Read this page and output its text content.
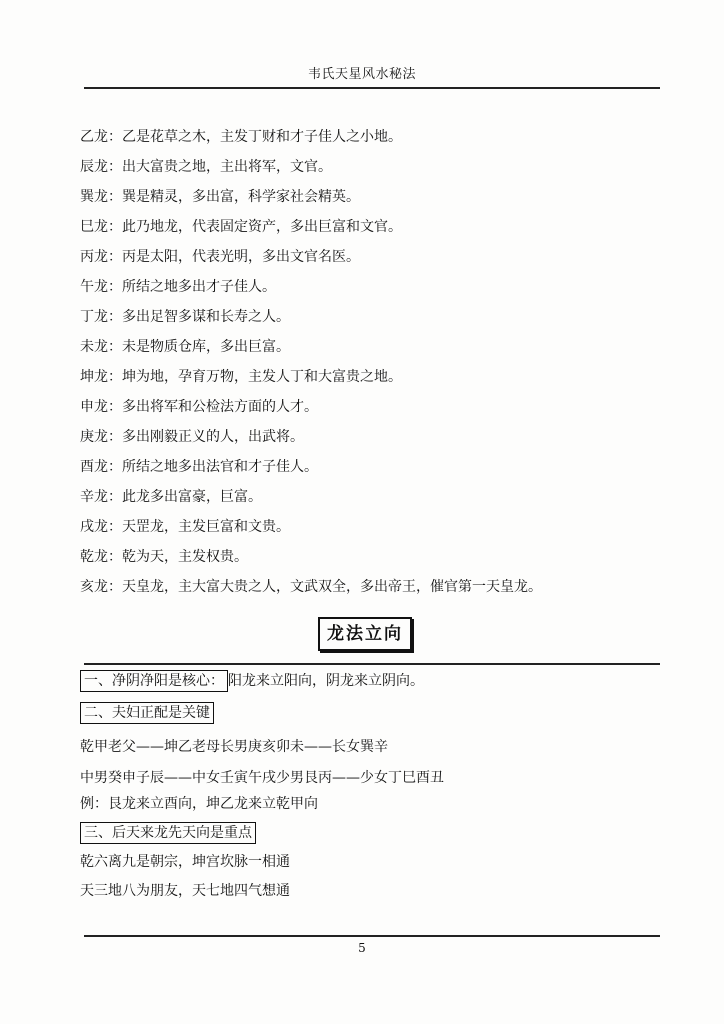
韦氏天星风水秘法
乙龙：乙是花草之木，主发丁财和才子佳人之小地。
辰龙：出大富贵之地，主出将军，文官。
巽龙：巽是精灵，多出富，科学家社会精英。
巳龙：此乃地龙，代表固定资产，多出巨富和文官。
丙龙：丙是太阳，代表光明，多出文官名医。
午龙：所结之地多出才子佳人。
丁龙：多出足智多谋和长寿之人。
未龙：未是物质仓库，多出巨富。
坤龙：坤为地，孕育万物，主发人丁和大富贵之地。
申龙：多出将军和公检法方面的人才。
庚龙：多出刚毅正义的人，出武将。
酉龙：所结之地多出法官和才子佳人。
辛龙：此龙多出富豪，巨富。
戌龙：天罡龙，主发巨富和文贵。
乾龙：乾为天，主发权贵。
亥龙：天皇龙，主大富大贵之人，文武双全，多出帝王，催官第一天皇龙。
龙法立向
一、净阴净阳是核心： 阳龙来立阳向，阴龙来立阴向。
二、夫妇正配是关键
乾甲老父——坤乙老母长男庚亥卯未——长女巽辛
中男癸申子辰——中女壬寅午戌少男艮丙——少女丁巳酉丑
例：艮龙来立酉向，坤乙龙来立乾甲向
三、后天来龙先天向是重点
乾六离九是朝宗，坤宫坎脉一相通
天三地八为朋友，天七地四气想通
5
